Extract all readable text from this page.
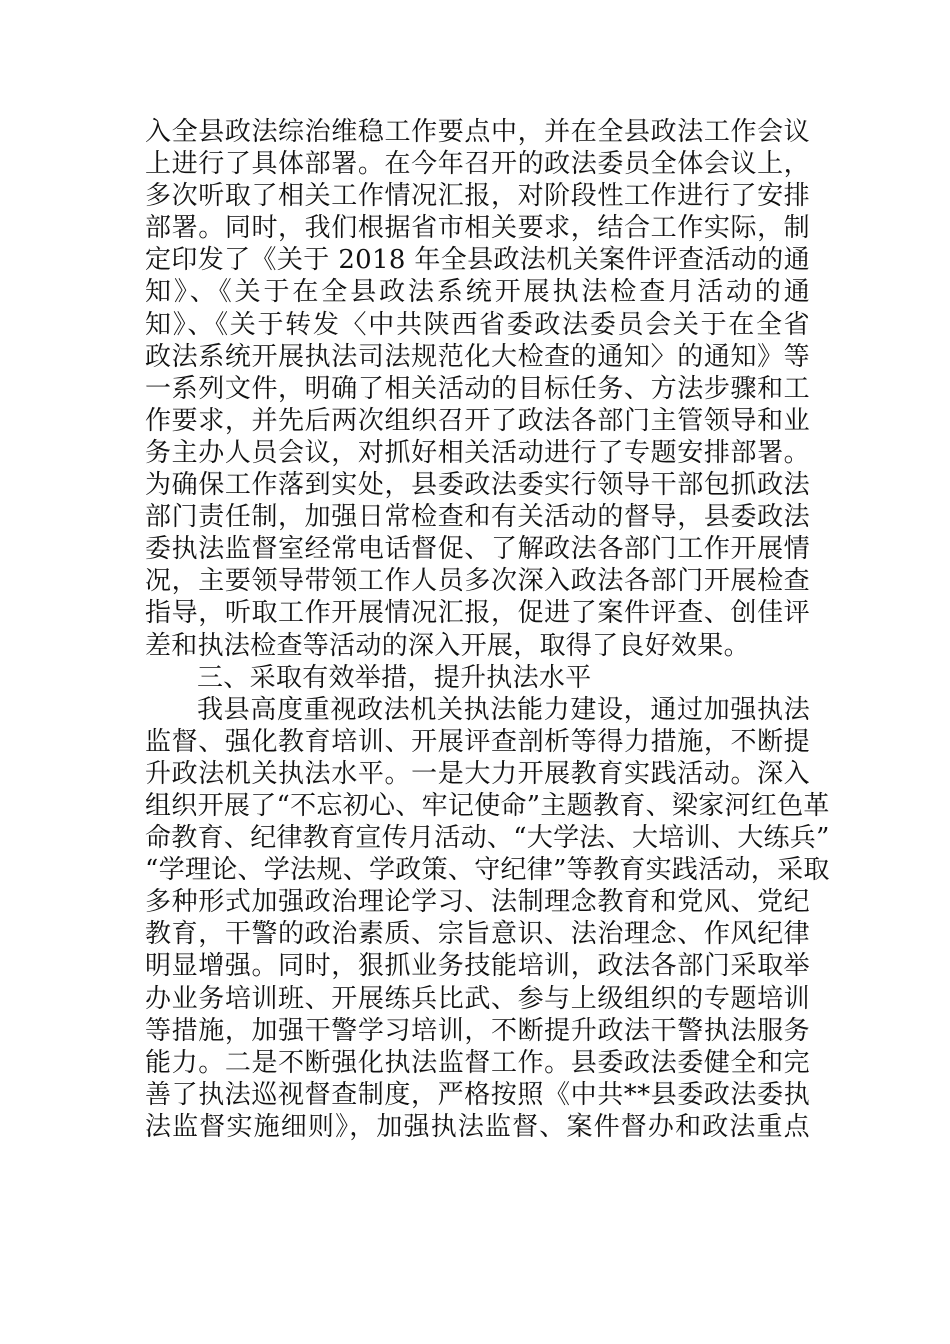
入全县政法综治维稳工作要点中，并在全县政法工作会议
上进行了具体部署。在今年召开的政法委员全体会议上，
多次听取了相关工作情况汇报，对阶段性工作进行了安排
部署。同时，我们根据省市相关要求，结合工作实际，制
定印发了《关于 2018 年全县政法机关案件评查活动的通
知》、《关于在全县政法系统开展执法检查月活动的通
知》、《关于转发〈中共陕西省委政法委员会关于在全省
政法系统开展执法司法规范化大检查的通知〉的通知》等
一系列文件，明确了相关活动的目标任务、方法步骤和工
作要求，并先后两次组织召开了政法各部门主管领导和业
务主办人员会议，对抓好相关活动进行了专题安排部署。
为确保工作落到实处，县委政法委实行领导干部包抓政法
部门责任制，加强日常检查和有关活动的督导，县委政法
委执法监督室经常电话督促、了解政法各部门工作开展情
况，主要领导带领工作人员多次深入政法各部门开展检查
指导，听取工作开展情况汇报，促进了案件评查、创佳评
差和执法检查等活动的深入开展，取得了良好效果。
三、采取有效举措，提升执法水平
我县高度重视政法机关执法能力建设，通过加强执法
监督、强化教育培训、开展评查剖析等得力措施，不断提
升政法机关执法水平。一是大力开展教育实践活动。深入
组织开展了“不忘初心、牢记使命”主题教育、梁家河红色革
命教育、纪律教育宣传月活动、“大学法、大培训、大练兵”
“学理论、学法规、学政策、守纪律”等教育实践活动，采取
多种形式加强政治理论学习、法制理念教育和党风、党纪
教育，干警的政治素质、宗旨意识、法治理念、作风纪律
明显增强。同时，狠抓业务技能培训，政法各部门采取举
办业务培训班、开展练兵比武、参与上级组织的专题培训
等措施，加强干警学习培训，不断提升政法干警执法服务
能力。二是不断强化执法监督工作。县委政法委健全和完
善了执法巡视督查制度，严格按照《中共**县委政法委执
法监督实施细则》，加强执法监督、案件督办和政法重点
